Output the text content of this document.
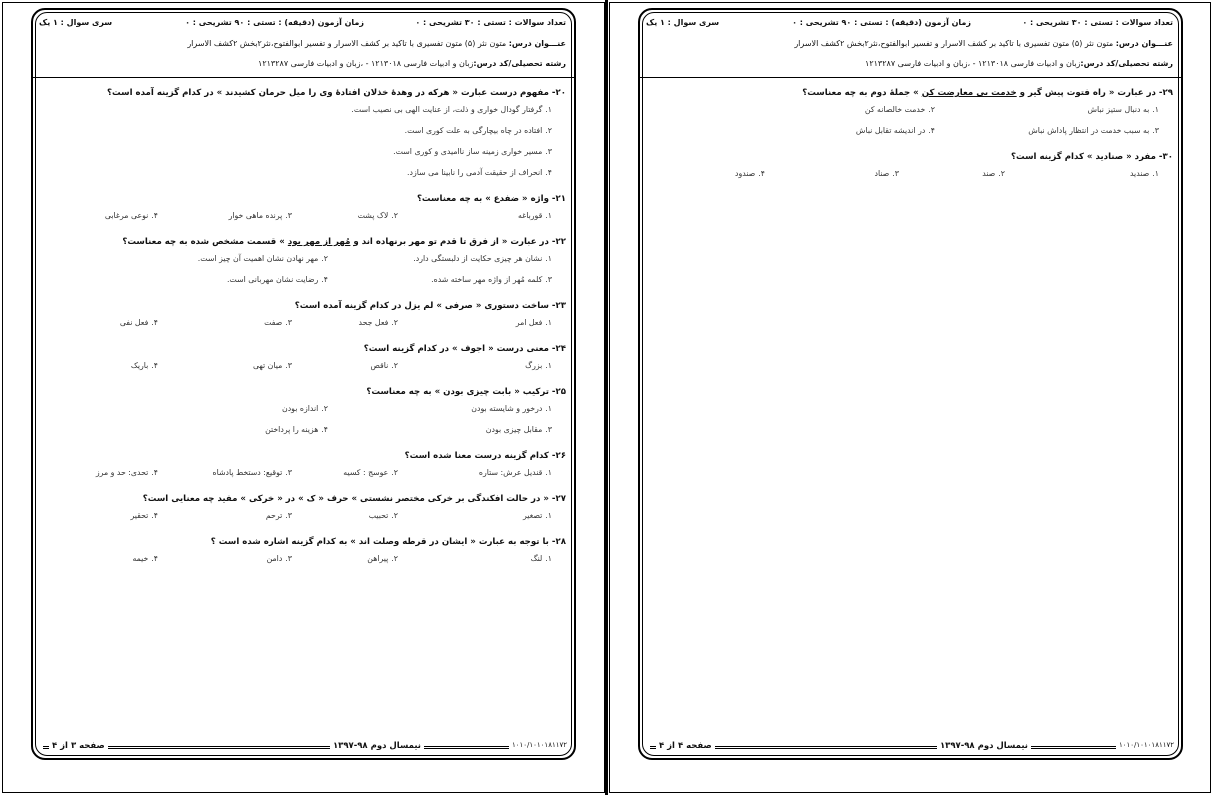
تعداد سوالات : تستی : ۳۰ تشریحی : ۰
زمان آزمون (دقیقه) : تستی : ۹۰ تشریحی : ۰
سری سوال : ۱ یک
عنـــوان درس: متون نثر (۵) متون تفسیری با تاکید بر کشف الاسرار و تفسیر ابوالفتوح،نثر۲بخش ۲کشف الاسرار
رشته تحصیلی/کد درس:زبان و ادبیات فارسی ۱۲۱۳۰۱۸ - ،زبان و ادبیات فارسی ۱۲۱۳۲۸۷
۲۰- مفهوم درست عبارت « هرکه در وهدهٔ خذلان افتادهٔ وی را میل حرمان کشیدند » در کدام گزینه آمده است؟
۱.گرفتار گودال خواری و ذلت، از عنایت الهی بی نصیب است.
۲.افتاده در چاه بیچارگی به علت کوری است.
۳.مسیر خواری زمینه ساز ناامیدی و کوری است.
۴.انحراف از حقیقت آدمی را نابینا می سازد.
۲۱- واژه « ضفدع » به چه معناست؟
۱.قورباغه
۲.لاک پشت
۳.پرنده ماهی خوار
۴.نوعی مرغابی
۲۲- در عبارت « از فرق تا قدم تو مهر برنهاده اند و مُهر از مهر بود » قسمت مشخص شده به چه معناست؟
۱.نشان هر چیزی حکایت از دلبستگی دارد.
۲.مهر نهادن نشان اهمیت آن چیز است.
۳.کلمه مُهر از واژه مهر ساخته شده.
۴.رضایت نشان مهربانی است.
۲۳- ساخت دستوری « صرفی » لم یزل در کدام گزینه آمده است؟
۱.فعل امر
۲.فعل جحد
۳.صفت
۴.فعل نفی
۲۴- معنی درست « اجوف » در کدام گزینه است؟
۱.بزرگ
۲.ناقص
۳.میان تهی
۴.باریک
۲۵- ترکیب « بابت چیزی بودن » به چه معناست؟
۱.درخور و شایسته بودن
۲.اندازه بودن
۳.مقابل چیزی بودن
۴.هزینه را پرداختن
۲۶- کدام گزینه درست معنا شده است؟
۱.قندیل عرش: ستاره
۲.عوسج : کسیه
۳.توقیع: دستخط پادشاه
۴.تحدی: حد و مرز
۲۷- « در حالت افکندگی بر خرکی مختصر نشستی » حرف « ک » در « خرکی » مفید چه معنایی است؟
۱.تصغیر
۲.تحبیب
۳.ترحم
۴.تحقیر
۲۸- با توجه به عبارت « ایشان در قرطه وصلت اند » به کدام گزینه اشاره شده است ؟
۱.لنگ
۲.پیراهن
۳.دامن
۴.خیمه
۱۰۱۰/۱۰۱۰۱۸۱۱۷۲
نیمسال دوم ۹۸-۱۳۹۷
صفحه ۳ از ۴
تعداد سوالات : تستی : ۳۰ تشریحی : ۰
زمان آزمون (دقیقه) : تستی : ۹۰ تشریحی : ۰
سری سوال : ۱ یک
عنـــوان درس: متون نثر (۵) متون تفسیری با تاکید بر کشف الاسرار و تفسیر ابوالفتوح،نثر۲بخش ۲کشف الاسرار
رشته تحصیلی/کد درس:زبان و ادبیات فارسی ۱۲۱۳۰۱۸ - ،زبان و ادبیات فارسی ۱۲۱۳۲۸۷
۲۹- در عبارت « راه فتوت پیش گیر و خدمت بی معارضت کن » جملهٔ دوم به چه معناست؟
۱.به دنبال ستیز نباش
۲.خدمت خالصانه کن
۳.به سبب خدمت در انتظار پاداش نباش
۴.در اندیشه تقابل نباش
۳۰- مفرد « صنادید » کدام گزینه است؟
۱.صندید
۲.صند
۳.صناد
۴.صندود
۱۰۱۰/۱۰۱۰۱۸۱۱۷۲
نیمسال دوم ۹۸-۱۳۹۷
صفحه ۴ از ۴
